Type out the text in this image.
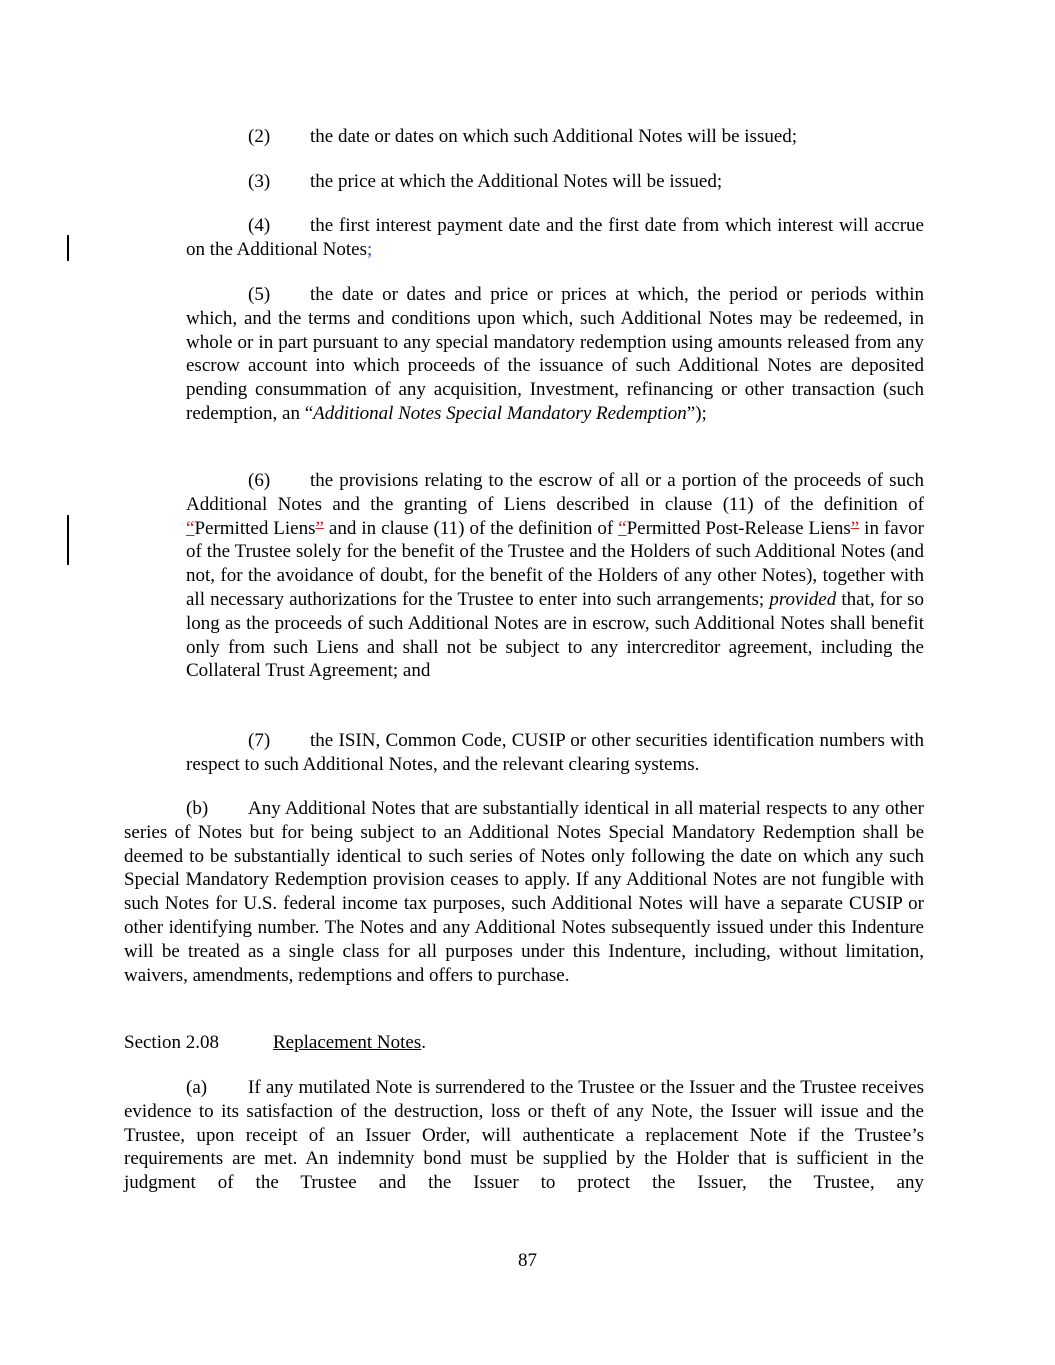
(2) the date or dates on which such Additional Notes will be issued;

(3) the price at which the Additional Notes will be issued;

(4) the first interest payment date and the first date from which interest will accrue on the Additional Notes;

(5) the date or dates and price or prices at which, the period or periods within which, and the terms and conditions upon which, such Additional Notes may be redeemed, in whole or in part pursuant to any special mandatory redemption using amounts released from any escrow account into which proceeds of the issuance of such Additional Notes are deposited pending consummation of any acquisition, Investment, refinancing or other transaction (such redemption, an “Additional Notes Special Mandatory Redemption”);

(6) the provisions relating to the escrow of all or a portion of the proceeds of such Additional Notes and the granting of Liens described in clause (11) of the definition of “Permitted Liens” and in clause (11) of the definition of “Permitted Post-Release Liens” in favor of the Trustee solely for the benefit of the Trustee and the Holders of such Additional Notes (and not, for the avoidance of doubt, for the benefit of the Holders of any other Notes), together with all necessary authorizations for the Trustee to enter into such arrangements; provided that, for so long as the proceeds of such Additional Notes are in escrow, such Additional Notes shall benefit only from such Liens and shall not be subject to any intercreditor agreement, including the Collateral Trust Agreement; and

(7) the ISIN, Common Code, CUSIP or other securities identification numbers with respect to such Additional Notes, and the relevant clearing systems.

(b) Any Additional Notes that are substantially identical in all material respects to any other series of Notes but for being subject to an Additional Notes Special Mandatory Redemption shall be deemed to be substantially identical to such series of Notes only following the date on which any such Special Mandatory Redemption provision ceases to apply. If any Additional Notes are not fungible with such Notes for U.S. federal income tax purposes, such Additional Notes will have a separate CUSIP or other identifying number. The Notes and any Additional Notes subsequently issued under this Indenture will be treated as a single class for all purposes under this Indenture, including, without limitation, waivers, amendments, redemptions and offers to purchase.

Section 2.08	Replacement Notes.

(a) If any mutilated Note is surrendered to the Trustee or the Issuer and the Trustee receives evidence to its satisfaction of the destruction, loss or theft of any Note, the Issuer will issue and the Trustee, upon receipt of an Issuer Order, will authenticate a replacement Note if the Trustee’s requirements are met. An indemnity bond must be supplied by the Holder that is sufficient in the judgment of the Trustee and the Issuer to protect the Issuer, the Trustee, any

87
